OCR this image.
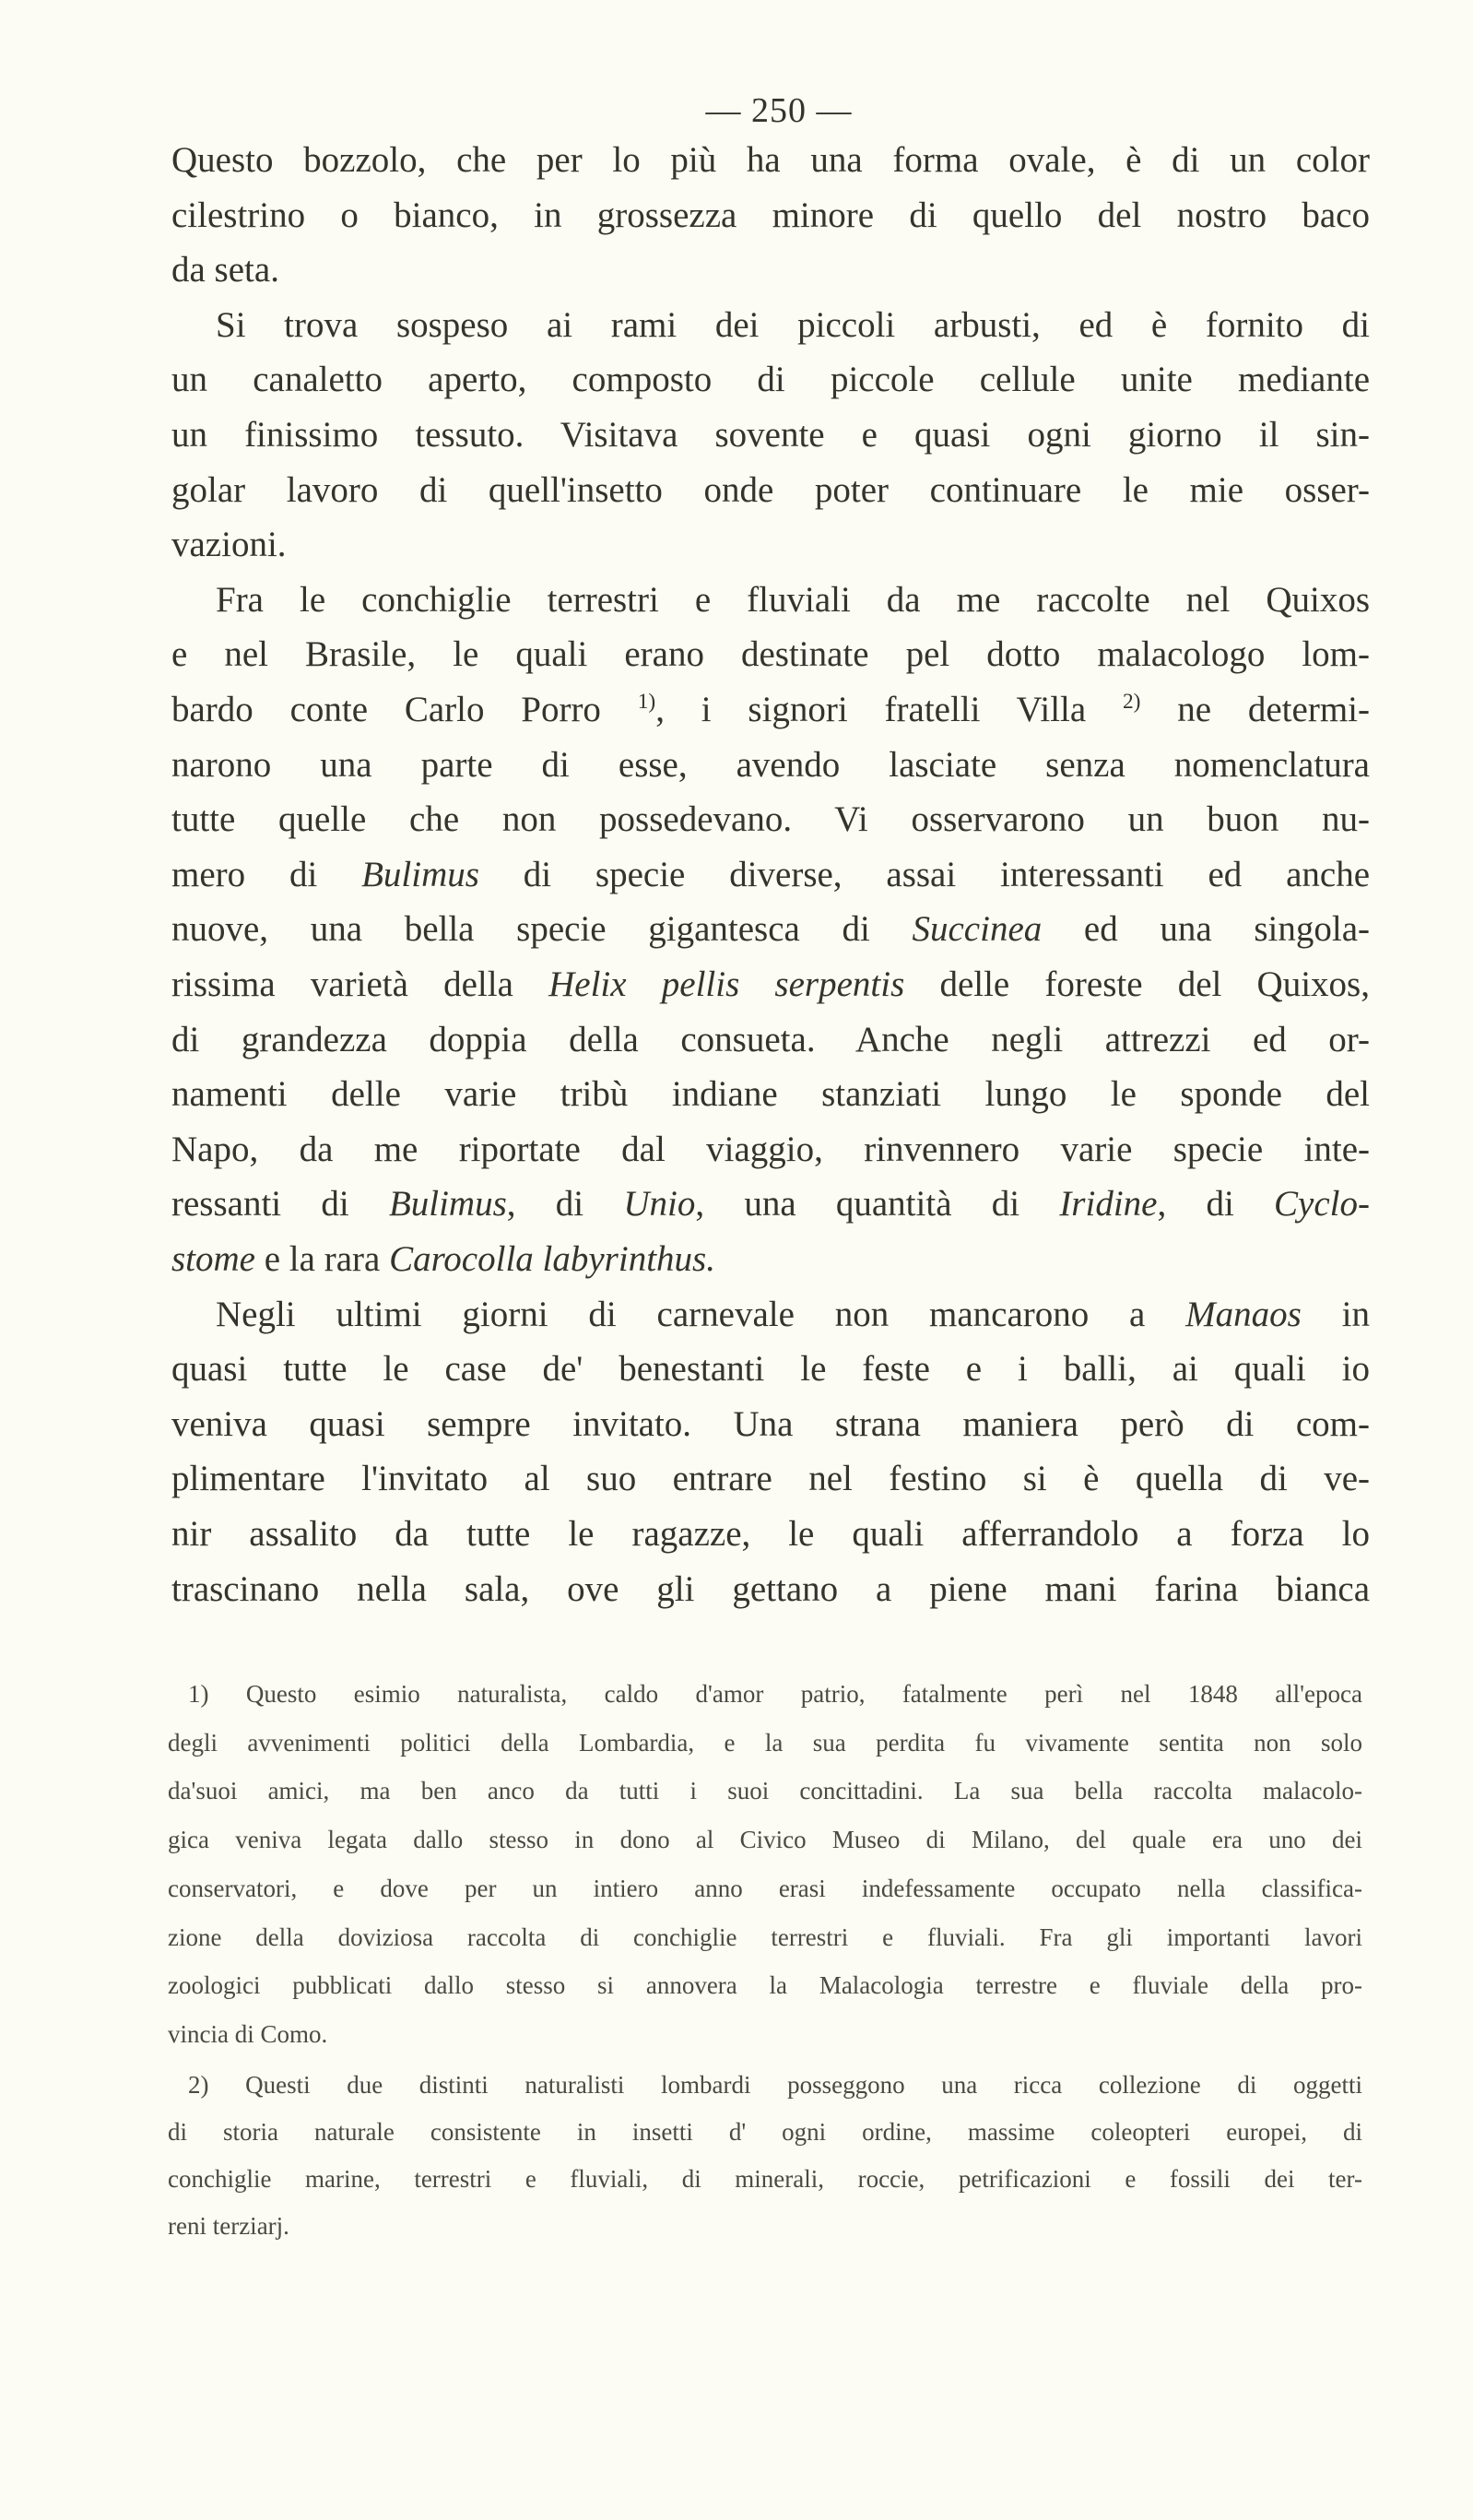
— 250 —
Questo bozzolo, che per lo più ha una forma ovale, è di un color
cilestrino o bianco, in grossezza minore di quello del nostro baco
da seta.
Si trova sospeso ai rami dei piccoli arbusti, ed è fornito di
un canaletto aperto, composto di piccole cellule unite mediante
un finissimo tessuto. Visitava sovente e quasi ogni giorno il sin-
golar lavoro di quell'insetto onde poter continuare le mie osser-
vazioni.
Fra le conchiglie terrestri e fluviali da me raccolte nel Quixos
e nel Brasile, le quali erano destinate pel dotto malacologo lom-
bardo conte Carlo Porro $^{1)}$, i signori fratelli Villa $^{2)}$ ne determi-
narono una parte di esse, avendo lasciate senza nomenclatura
tutte quelle che non possedevano. Vi osservarono un buon nu-
mero di Bulimus di specie diverse, assai interessanti ed anche
nuove, una bella specie gigantesca di Succinea ed una singola-
rissima varietà della Helix pellis serpentis delle foreste del Quixos,
di grandezza doppia della consueta. Anche negli attrezzi ed or-
namenti delle varie tribù indiane stanziati lungo le sponde del
Napo, da me riportate dal viaggio, rinvennero varie specie inte-
ressanti di Bulimus, di Unio, una quantità di Iridine, di Cyclo-
stome e la rara Carocolla labyrinthus.
Negli ultimi giorni di carnevale non mancarono a Manaos in
quasi tutte le case de' benestanti le feste e i balli, ai quali io
veniva quasi sempre invitato. Una strana maniera però di com-
plimentare l'invitato al suo entrare nel festino si è quella di ve-
nir assalito da tutte le ragazze, le quali afferrandolo a forza lo
trascinano nella sala, ove gli gettano a piene mani farina bianca
1) Questo esimio naturalista, caldo d'amor patrio, fatalmente perì nel 1848 all'epoca
degli avvenimenti politici della Lombardia, e la sua perdita fu vivamente sentita non solo
da'suoi amici, ma ben anco da tutti i suoi concittadini. La sua bella raccolta malacolo-
gica veniva legata dallo stesso in dono al Civico Museo di Milano, del quale era uno dei
conservatori, e dove per un intiero anno erasi indefessamente occupato nella classifica-
zione della doviziosa raccolta di conchiglie terrestri e fluviali. Fra gli importanti lavori
zoologici pubblicati dallo stesso si annovera la Malacologia terrestre e fluviale della pro-
vincia di Como.
2) Questi due distinti naturalisti lombardi posseggono una ricca collezione di oggetti
di storia naturale consistente in insetti d' ogni ordine, massime coleopteri europei, di
conchiglie marine, terrestri e fluviali, di minerali, roccie, petrificazioni e fossili dei ter-
reni terziarj.
